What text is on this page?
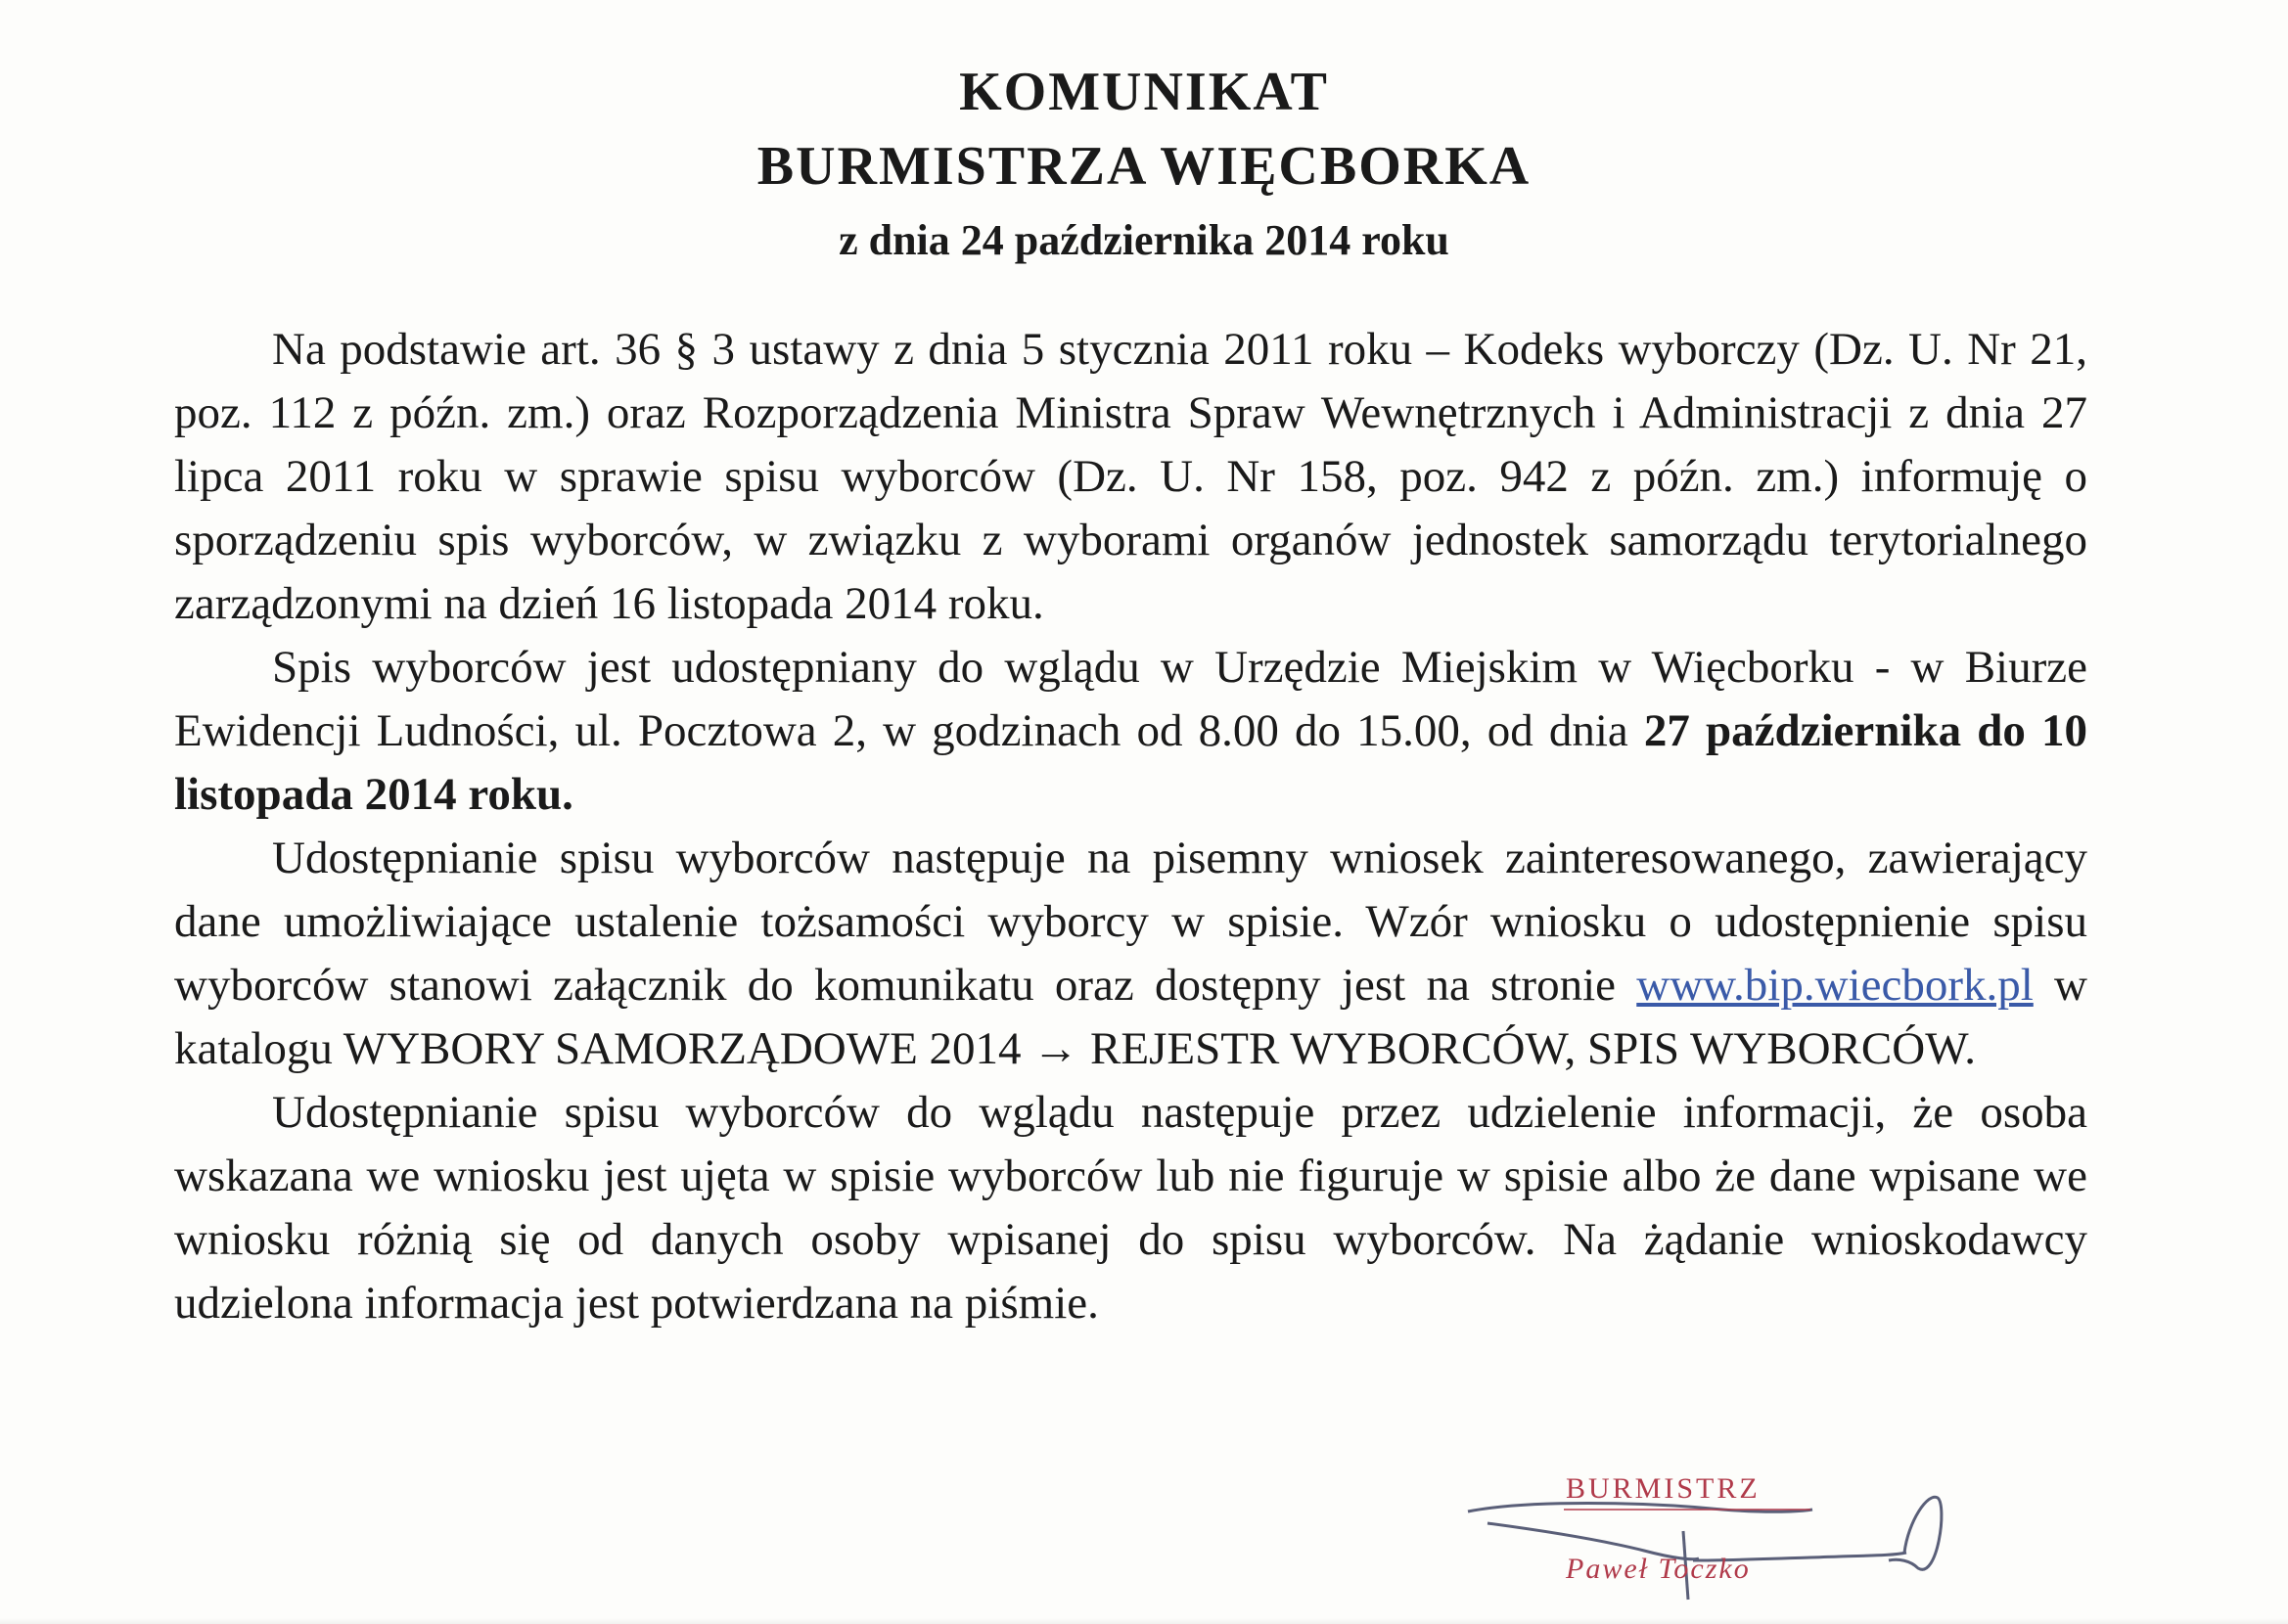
KOMUNIKAT
BURMISTRZA WIĘCBORKA
z dnia 24 października 2014 roku

Na podstawie art. 36 § 3 ustawy z dnia 5 stycznia 2011 roku – Kodeks wyborczy (Dz. U. Nr 21, poz. 112 z późn. zm.) oraz Rozporządzenia Ministra Spraw Wewnętrznych i Administracji z dnia 27 lipca 2011 roku w sprawie spisu wyborców (Dz. U. Nr 158, poz. 942 z późn. zm.) informuję o sporządzeniu spis wyborców, w związku z wyborami organów jednostek samorządu terytorialnego zarządzonymi na dzień 16 listopada 2014 roku.

Spis wyborców jest udostępniany do wglądu w Urzędzie Miejskim w Więcborku - w Biurze Ewidencji Ludności, ul. Pocztowa 2, w godzinach od 8.00 do 15.00, od dnia 27 października do 10 listopada 2014 roku.

Udostępnianie spisu wyborców następuje na pisemny wniosek zainteresowanego, zawierający dane umożliwiające ustalenie tożsamości wyborcy w spisie. Wzór wniosku o udostępnienie spisu wyborców stanowi załącznik do komunikatu oraz dostępny jest na stronie www.bip.wiecbork.pl w katalogu WYBORY SAMORZĄDOWE 2014 → REJESTR WYBORCÓW, SPIS WYBORCÓW.

Udostępnianie spisu wyborców do wglądu następuje przez udzielenie informacji, że osoba wskazana we wniosku jest ujęta w spisie wyborców lub nie figuruje w spisie albo że dane wpisane we wniosku różnią się od danych osoby wpisanej do spisu wyborców. Na żądanie wnioskodawcy udzielona informacja jest potwierdzana na piśmie.

BURMISTRZ
Paweł Toczko
